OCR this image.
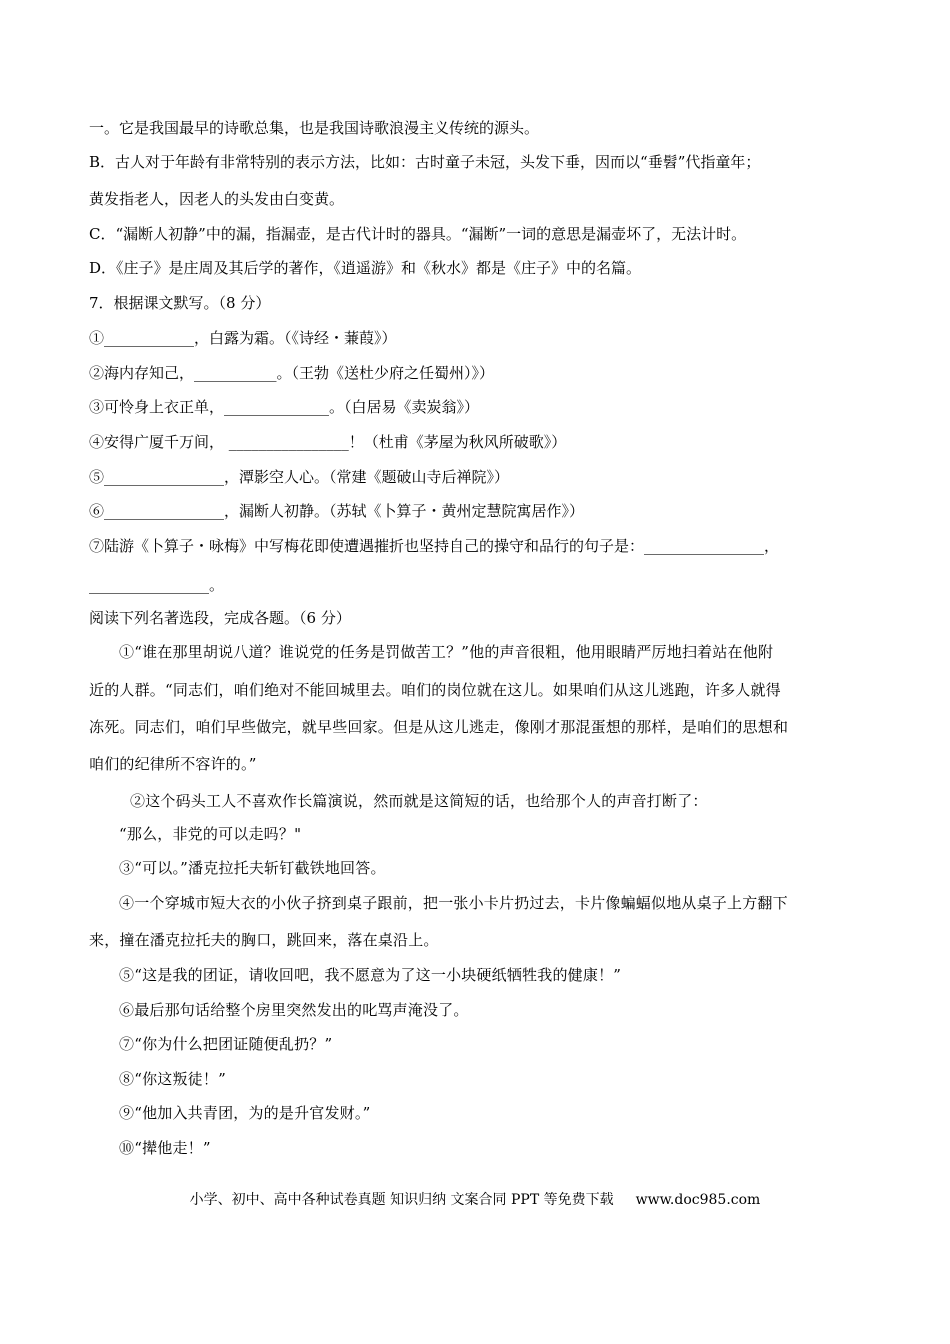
一。它是我国最早的诗歌总集，也是我国诗歌浪漫主义传统的源头。
B．古人对于年龄有非常特别的表示方法，比如：古时童子未冠，头发下垂，因而以“垂髫”代指童年；
黄发指老人，因老人的头发由白变黄。
C．“漏断人初静”中的漏，指漏壶，是古代计时的器具。“漏断”一词的意思是漏壶坏了，无法计时。
D．《庄子》是庄周及其后学的著作，《逍遥游》和《秋水》都是《庄子》中的名篇。
7．根据课文默写。（8 分）
①____________，白露为霜。（《诗经・蒹葭》）
②海内存知己，___________。（王勃《送杜少府之任蜀州）》）
③可怜身上衣正单，______________。（白居易《卖炭翁》）
④安得广厦千万间， ________________！（杜甫《茅屋为秋风所破歌》）
⑤________________，潭影空人心。（常建《题破山寺后禅院》）
⑥________________，漏断人初静。（苏轼《卜算子・黄州定慧院寓居作》）
⑦陆游《卜算子・咏梅》中写梅花即使遭遇摧折也坚持自己的操守和品行的句子是：________________，
________________。
阅读下列名著选段，完成各题。（6 分）
①“谁在那里胡说八道？谁说党的任务是罚做苦工？”他的声音很粗，他用眼睛严厉地扫着站在他附
近的人群。“同志们，咱们绝对不能回城里去。咱们的岗位就在这儿。如果咱们从这儿逃跑，许多人就得
冻死。同志们，咱们早些做完，就早些回家。但是从这儿逃走，像刚才那混蛋想的那样，是咱们的思想和
咱们的纪律所不容许的。”
②这个码头工人不喜欢作长篇演说，然而就是这简短的话，也给那个人的声音打断了：
“那么，非党的可以走吗？"
③“可以。”潘克拉托夫斩钉截铁地回答。
④一个穿城市短大衣的小伙子挤到桌子跟前，把一张小卡片扔过去，卡片像蝙蝠似地从桌子上方翻下
来，撞在潘克拉托夫的胸口，跳回来，落在桌沿上。
⑤“这是我的团证，请收回吧，我不愿意为了这一小块硬纸牺牲我的健康！”
⑥最后那句话给整个房里突然发出的叱骂声淹没了。
⑦“你为什么把团证随便乱扔？”
⑧“你这叛徒！”
⑨“他加入共青团，为的是升官发财。”
⑩“撵他走！”
小学、初中、高中各种试卷真题 知识归纳 文案合同 PPT 等免费下载 www.doc985.com
